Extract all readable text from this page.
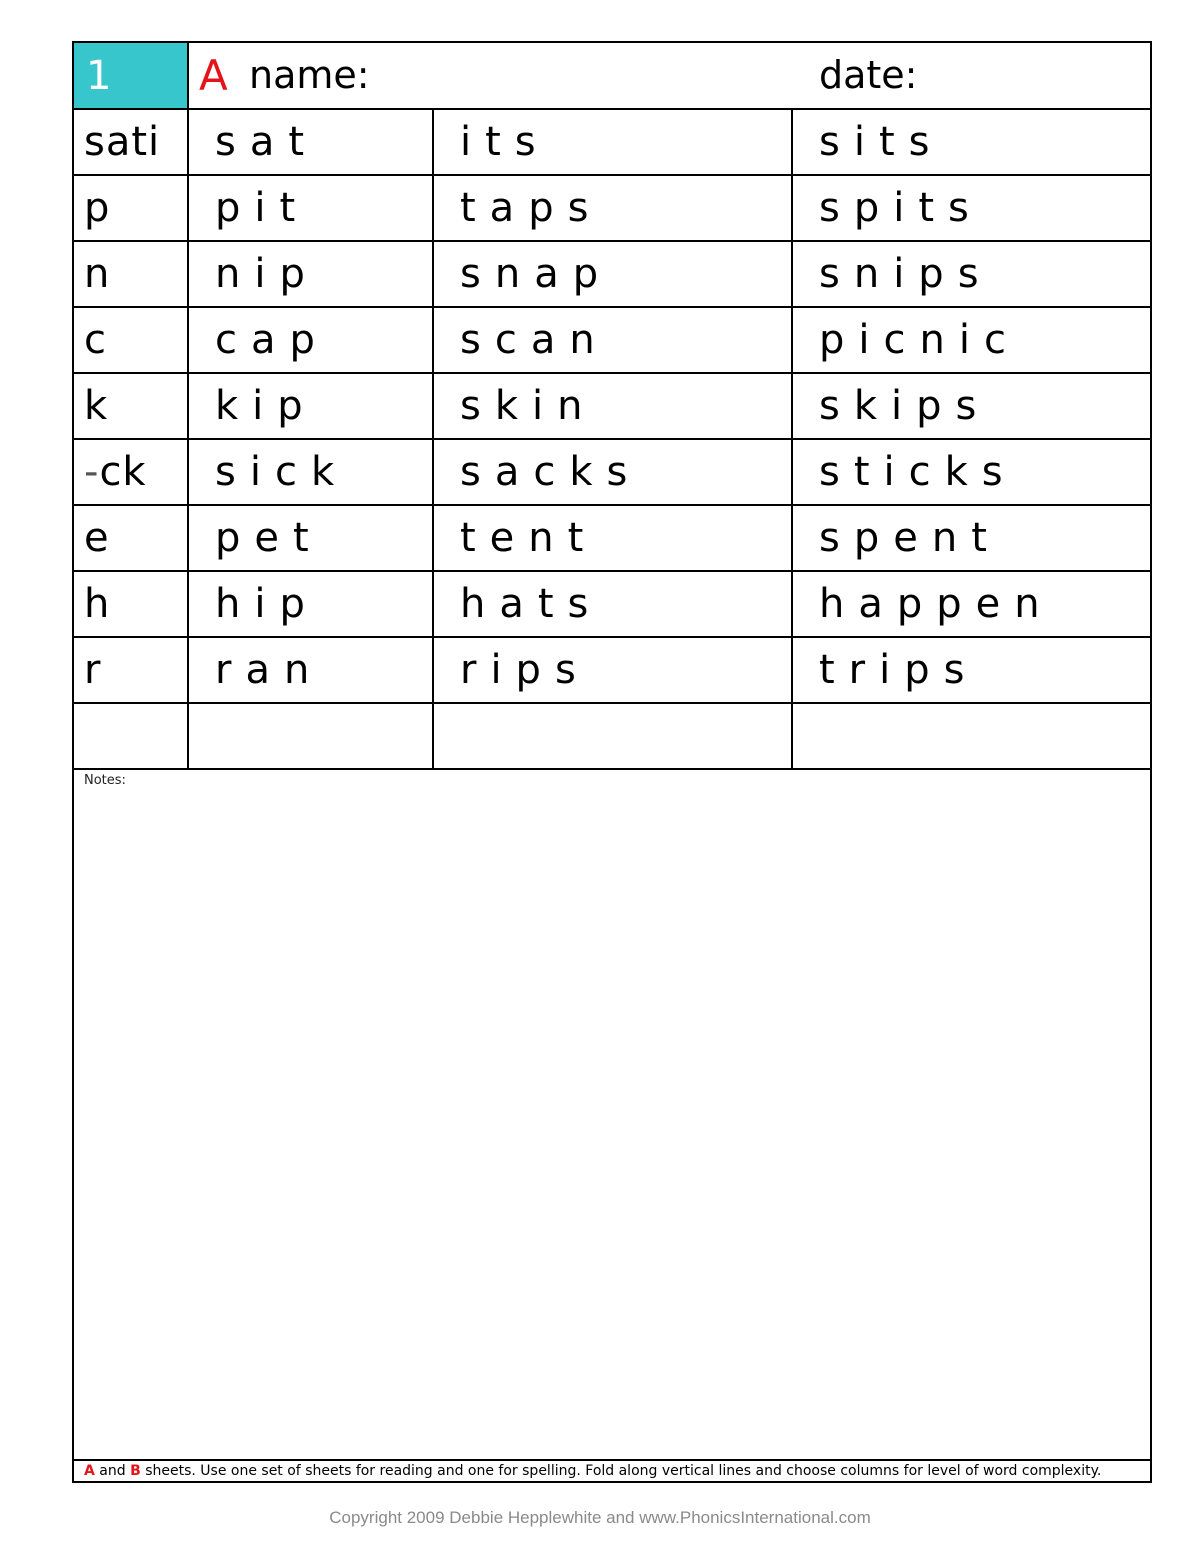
1	A name: date:		

sati	sat	its	sits
p	pit	taps	spits
n	nip	snap	snips
c	cap	scan	picnic
k	kip	skin	skips
-ck	sick	sacks	sticks
e	pet	tent	spent
h	hip	hats	happen
r	ran	rips	trips

Notes:
A and B sheets. Use one set of sheets for reading and one for spelling. Fold along vertical lines and choose columns for level of word complexity.
Copyright 2009 Debbie Hepplewhite and www.PhonicsInternational.com
